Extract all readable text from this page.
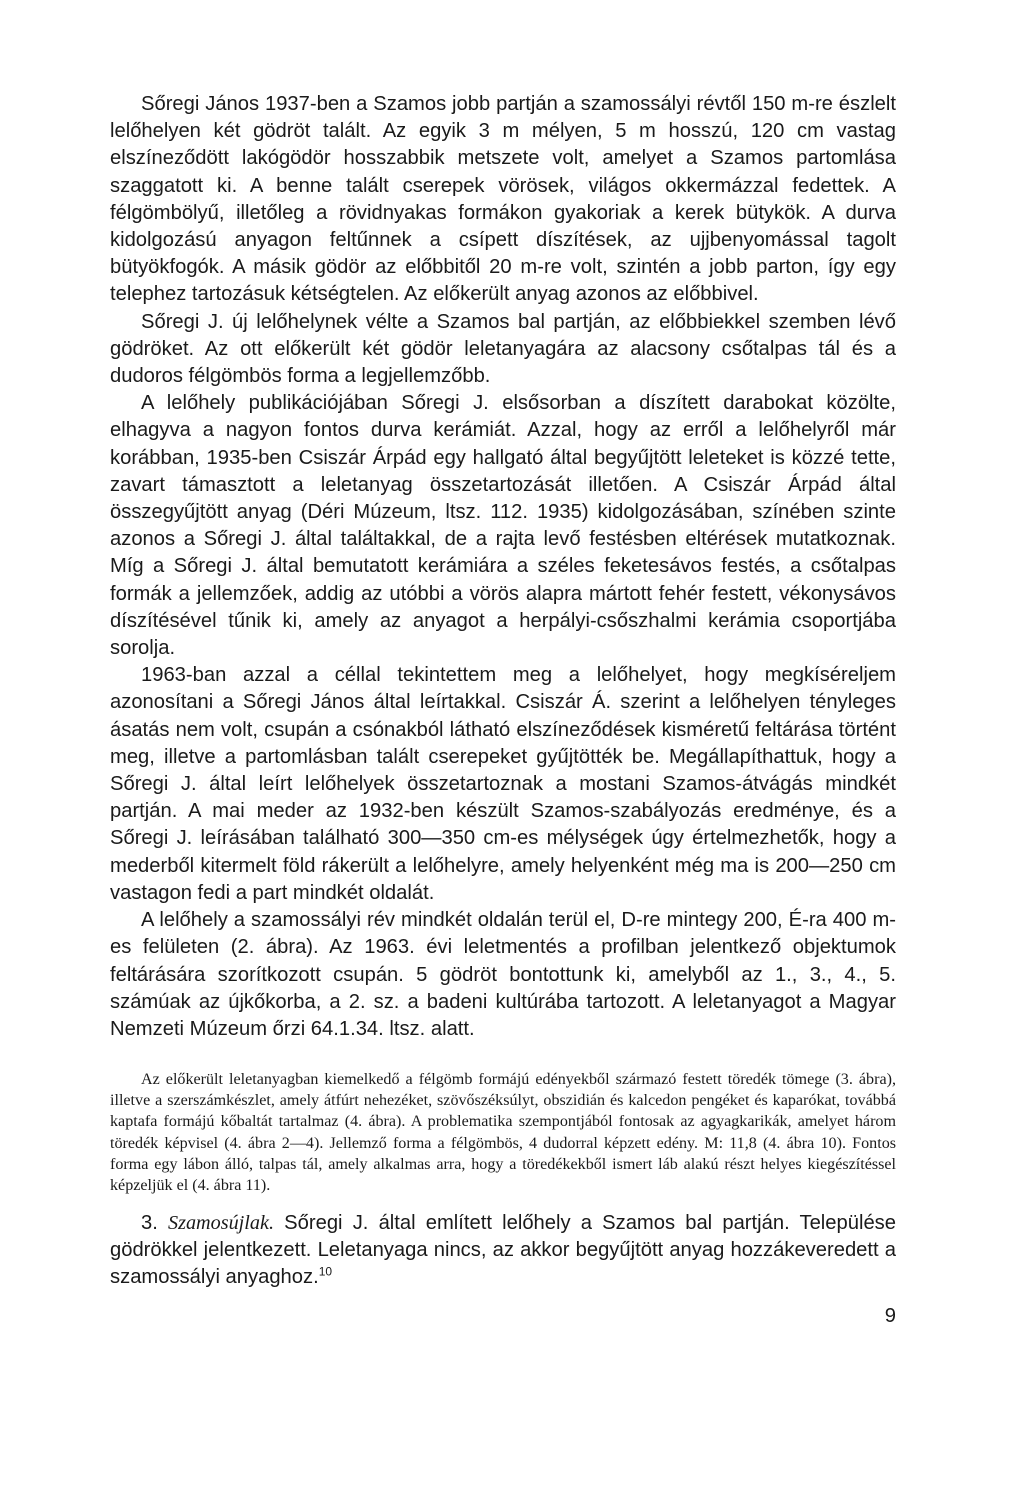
Sőregi János 1937-ben a Szamos jobb partján a szamossályi révtől 150 m-re észlelt lelőhelyen két gödröt talált. Az egyik 3 m mélyen, 5 m hosszú, 120 cm vastag elszíneződött lakógödör hosszabbik metszete volt, amelyet a Szamos partomlása szaggatott ki. A benne talált cserepek vörösek, világos okkermázzal fedettek. A félgömbölyű, illetőleg a rövidnyakas formákon gyakoriak a kerek bütykök. A durva kidolgozású anyagon feltűnnek a csípett díszítések, az ujjbenyomással tagolt bütyökfogók. A másik gödör az előbbitől 20 m-re volt, szintén a jobb parton, így egy telephez tartozásuk kétségtelen. Az előkerült anyag azonos az előbbivel.

Sőregi J. új lelőhelynek vélte a Szamos bal partján, az előbbiekkel szemben lévő gödröket. Az ott előkerült két gödör leletanyagára az alacsony csőtalpas tál és a dudoros félgömbös forma a legjellemzőbb.

A lelőhely publikációjában Sőregi J. elsősorban a díszített darabokat közölte, elhagyva a nagyon fontos durva kerámiát. Azzal, hogy az erről a lelőhelyről már korábban, 1935-ben Csiszár Árpád egy hallgató által begyűjtött leleteket is közzé tette, zavart támasztott a leletanyag összetartozását illetően. A Csiszár Árpád által összegyűjtött anyag (Déri Múzeum, ltsz. 112. 1935) kidolgozásában, színében szinte azonos a Sőregi J. által találtakkal, de a rajta levő festésben eltérések mutatkoznak. Míg a Sőregi J. által bemutatott kerámiára a széles feketesávos festés, a csőtalpas formák a jellemzőek, addig az utóbbi a vörös alapra mártott fehér festett, vékonysávos díszítésével tűnik ki, amely az anyagot a herpályi-csőszhalmi kerámia csoportjába sorolja.

1963-ban azzal a céllal tekintettem meg a lelőhelyet, hogy megkíséreljem azonosítani a Sőregi János által leírtakkal. Csiszár Á. szerint a lelőhelyen tényleges ásatás nem volt, csupán a csónakból látható elszíneződések kisméretű feltárása történt meg, illetve a partomlásban talált cserepeket gyűjtötték be. Megállapíthattuk, hogy a Sőregi J. által leírt lelőhelyek összetartoznak a mostani Szamos-átvágás mindkét partján. A mai meder az 1932-ben készült Szamos-szabályozás eredménye, és a Sőregi J. leírásában található 300—350 cm-es mélységek úgy értelmezhetők, hogy a mederből kitermelt föld rákerült a lelőhelyre, amely helyenként még ma is 200—250 cm vastagon fedi a part mindkét oldalát.

A lelőhely a szamossályi rév mindkét oldalán terül el, D-re mintegy 200, É-ra 400 m-es felületen (2. ábra). Az 1963. évi leletmentés a profilban jelentkező objektumok feltárására szorítkozott csupán. 5 gödröt bontottunk ki, amelyből az 1., 3., 4., 5. számúak az újkőkorba, a 2. sz. a badeni kultúrába tartozott. A leletanyagot a Magyar Nemzeti Múzeum őrzi 64.1.34. ltsz. alatt.

Az előkerült leletanyagban kiemelkedő a félgömb formájú edényekből származó festett töredék tömege (3. ábra), illetve a szerszámkészlet, amely átfúrt nehezéket, szövőszéksúlyt, obszidián és kalcedon pengéket és kaparókat, továbbá kaptafa formájú kőbaltát tartalmaz (4. ábra). A problematika szempontjából fontosak az agyagkarikák, amelyet három töredék képvisel (4. ábra 2—4). Jellemző forma a félgömbös, 4 dudorral képzett edény. M: 11,8 (4. ábra 10). Fontos forma egy lábon álló, talpas tál, amely alkalmas arra, hogy a töredékekből ismert láb alakú részt helyes kiegészítéssel képzeljük el (4. ábra 11).

3. Szamosújlak. Sőregi J. által említett lelőhely a Szamos bal partján. Települése gödrökkel jelentkezett. Leletanyaga nincs, az akkor begyűjtött anyag hozzákeveredett a szamossályi anyaghoz.$^{10}$

9
